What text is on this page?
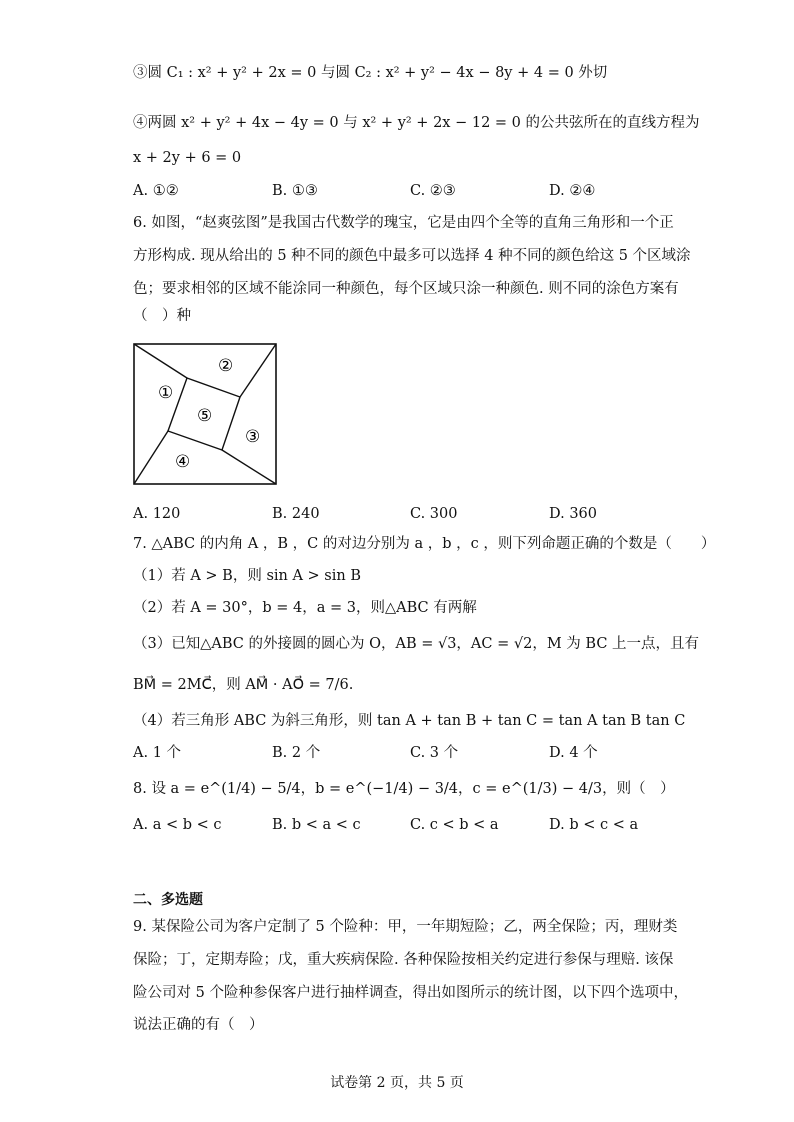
③圆 C₁ : x² + y² + 2x = 0 与圆 C₂ : x² + y² − 4x − 8y + 4 = 0 外切
④两圆 x² + y² + 4x − 4y = 0 与 x² + y² + 2x − 12 = 0 的公共弦所在的直线方程为
x + 2y + 6 = 0
A. ①②	B. ①③	C. ②③	D. ②④
6. 如图，“赵爽弦图”是我国古代数学的瑰宝，它是由四个全等的直角三角形和一个正
方形构成. 现从给出的 5 种不同的颜色中最多可以选择 4 种不同的颜色给这 5 个区域涂
色；要求相邻的区域不能涂同一种颜色，每个区域只涂一种颜色. 则不同的涂色方案有
（　）种
①
②
③
④
⑤
A. 120	B. 240	C. 300	D. 360
7. △ABC 的内角 A ，B ，C 的对边分别为 a ，b ，c ，则下列命题正确的个数是（　　）
（1）若 A > B，则 sin A > sin B
（2）若 A = 30°，b = 4，a = 3，则△ABC 有两解
（3）已知△ABC 的外接圆的圆心为 O，AB = √3，AC = √2，M 为 BC 上一点，且有
BM⃗ = 2MC⃗，则 AM⃗ · AO⃗ = 7/6.
（4）若三角形 ABC 为斜三角形，则 tan A + tan B + tan C = tan A tan B tan C
A. 1 个	B. 2 个	C. 3 个	D. 4 个
8. 设 a = e^(1/4) − 5/4，b = e^(−1/4) − 3/4，c = e^(1/3) − 4/3，则（　）
A. a < b < c	B. b < a < c	C. c < b < a	D. b < c < a
二、多选题
9. 某保险公司为客户定制了 5 个险种：甲，一年期短险；乙，两全保险；丙，理财类
保险；丁，定期寿险；戊，重大疾病保险. 各种保险按相关约定进行参保与理赔. 该保
险公司对 5 个险种参保客户进行抽样调查，得出如图所示的统计图，以下四个选项中，
说法正确的有（　）
试卷第 2 页，共 5 页
